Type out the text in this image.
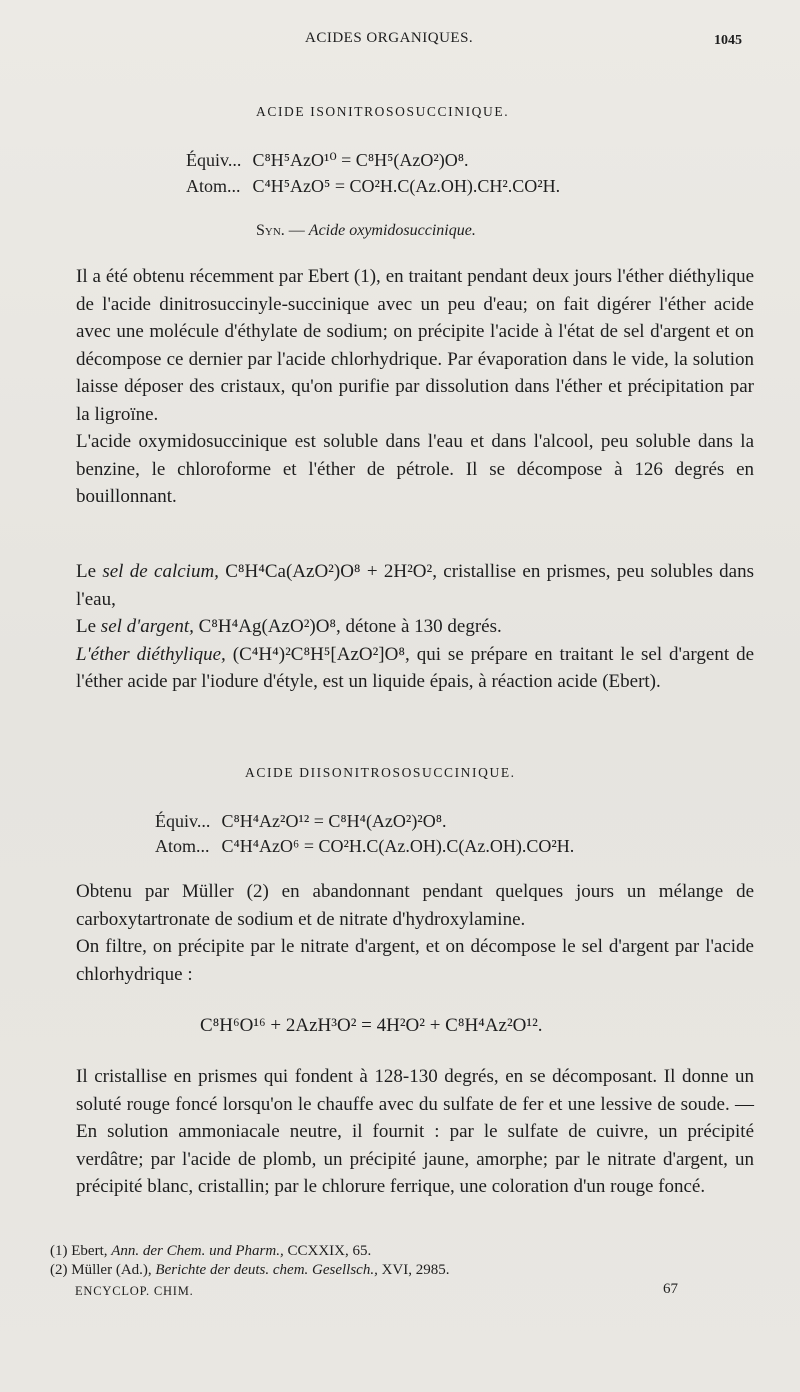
ACIDES ORGANIQUES.	1045
ACIDE ISONITROSOSUCCINIQUE.
Équiv... C⁸H⁵AzO¹⁰ = C⁸H⁵(AzO²)O⁸.
Atom... C⁴H⁵AzO⁵ = CO²H.C(Az.OH).CH².CO²H.
Syn. — Acide oxymidosuccinique.

Il a été obtenu récemment par Ebert (1), en traitant pendant deux jours l'éther diéthylique de l'acide dinitrosuccinyle-succinique avec un peu d'eau; on fait digérer l'éther acide avec une molécule d'éthylate de sodium; on précipite l'acide à l'état de sel d'argent et on décompose ce dernier par l'acide chlorhydrique. Par évaporation dans le vide, la solution laisse déposer des cristaux, qu'on purifie par dissolution dans l'éther et précipitation par la ligroïne.

L'acide oxymidosuccinique est soluble dans l'eau et dans l'alcool, peu soluble dans la benzine, le chloroforme et l'éther de pétrole. Il se décompose à 126 degrés en bouillonnant.

Le sel de calcium, C⁸H⁴Ca(AzO²)O⁸ + 2H²O², cristallise en prismes, peu solubles dans l'eau,

Le sel d'argent, C⁸H⁴Ag(AzO²)O⁸, détone à 130 degrés.

L'éther diéthylique, (C⁴H⁴)²C⁸H⁵[AzO²]O⁸, qui se prépare en traitant le sel d'argent de l'éther acide par l'iodure d'étyle, est un liquide épais, à réaction acide (Ebert).

ACIDE DIISONITROSOSUCCINIQUE.
Équiv... C⁸H⁴Az²O¹² = C⁸H⁴(AzO²)²O⁸.
Atom... C⁴H⁴AzO⁶ = CO²H.C(Az.OH).C(Az.OH).CO²H.

Obtenu par Müller (2) en abandonnant pendant quelques jours un mélange de carboxytartronate de sodium et de nitrate d'hydroxylamine.

On filtre, on précipite par le nitrate d'argent, et on décompose le sel d'argent par l'acide chlorhydrique :

C⁸H⁶O¹⁶ + 2AzH³O² = 4H²O² + C⁸H⁴Az²O¹².

Il cristallise en prismes qui fondent à 128-130 degrés, en se décomposant. Il donne un soluté rouge foncé lorsqu'on le chauffe avec du sulfate de fer et une lessive de soude. — En solution ammoniacale neutre, il fournit : par le sulfate de cuivre, un précipité verdâtre; par l'acide de plomb, un précipité jaune, amorphe; par le nitrate d'argent, un précipité blanc, cristallin; par le chlorure ferrique, une coloration d'un rouge foncé.

(1) Ebert, Ann. der Chem. und Pharm., CCXXIX, 65.
(2) Müller (Ad.), Berichte der deuts. chem. Gesellsch., XVI, 2985.
ENCYCLOP. CHIM.	67
